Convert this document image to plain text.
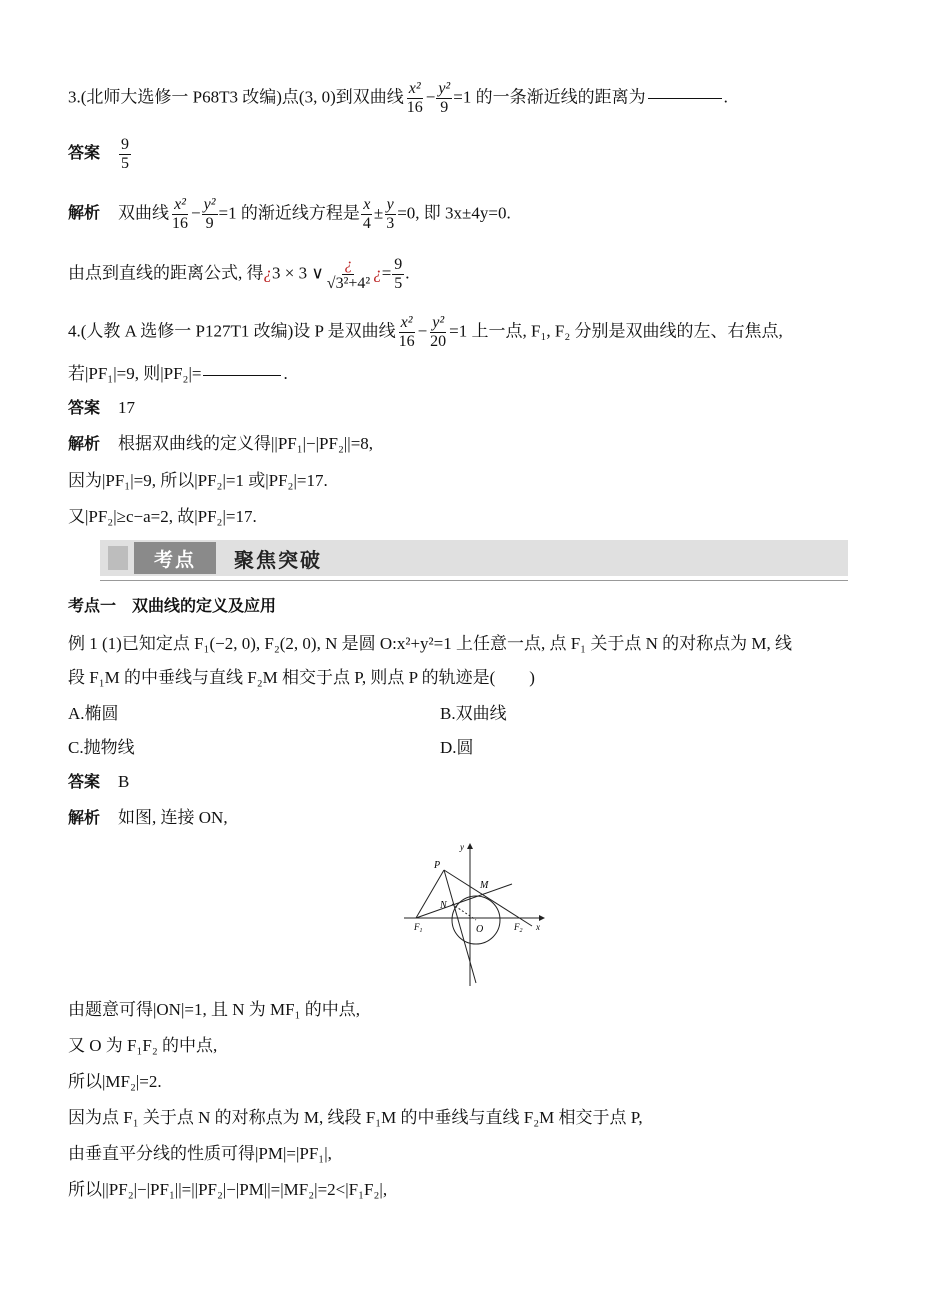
3.(北师大选修一 P68T3 改编)点(3, 0)到双曲线 $\frac{\text{x²}}{16} - \frac{\text{y²}}{9} =1$ 的一条渐近线的距离为	.
答案 $\frac{9}{5}$
解析 双曲线 $\frac{\text{x²}}{16} - \frac{\text{y²}}{9} =1$ 的渐近线方程是 $\frac{x}{4} \pm \frac{y}{3} =0$, 即 3x±4y=0.
由点到直线的距离公式, 得¿3 × 3 ∨ $\frac{¿}{\text{√3²+4²}}$ ¿= $\frac{9}{5}$ .
4.(人教 A 选修一 P127T1 改编)设 P 是双曲线 $\frac{\text{x²}}{16} - \frac{\text{y²}}{20} =1$ 上一点, F₁, F₂ 分别是双曲线的左、右焦点,
若|PF₁|=9, 则|PF₂|=	.
答案 17
解析 根据双曲线的定义得||PF₁|−|PF₂||=8,
因为|PF₁|=9, 所以|PF₂|=1 或|PF₂|=17.
又|PF₂|≥c−a=2, 故|PF₂|=17.
考点	聚焦突破
考点一　双曲线的定义及应用
例 1 (1)已知定点 F₁(−2, 0), F₂(2, 0), N 是圆 O:x²+y²=1 上任意一点, 点 F₁ 关于点 N 的对称点为 M, 线
段 F₁M 的中垂线与直线 F₂M 相交于点 P, 则点 P 的轨迹是(　　)
A.椭圆	B.双曲线
C.抛物线	D.圆
答案 B
解析 如图, 连接 ON,
P
M
N
O
$F_1$	$F_2$ x
y
由题意可得|ON|=1, 且 N 为 MF₁ 的中点,
又 O 为 F₁F₂ 的中点,
所以|MF₂|=2.
因为点 F₁ 关于点 N 的对称点为 M, 线段 F₁M 的中垂线与直线 F₂M 相交于点 P,
由垂直平分线的性质可得|PM|=|PF₁|,
所以||PF₂|−|PF₁||=||PF₂|−|PM||=|MF₂|=2<|F₁F₂|,
